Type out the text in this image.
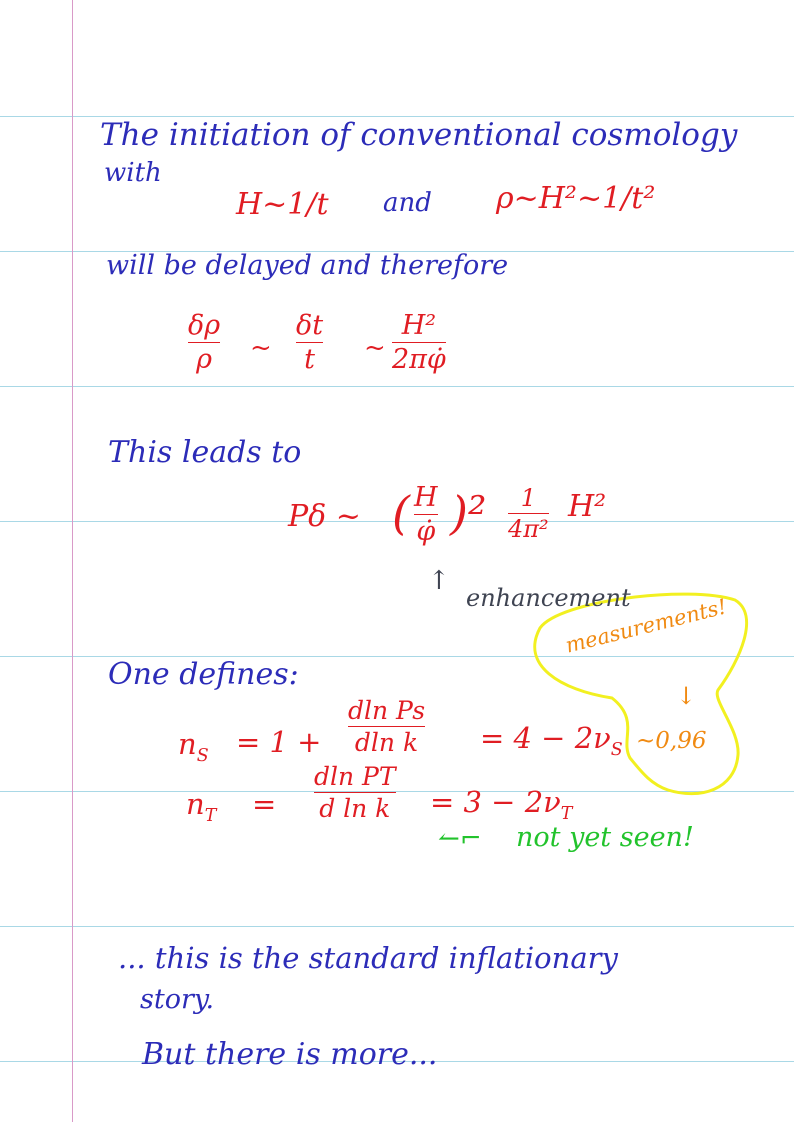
The initiation of conventional cosmology
with
H~1/t and ρ~H²~1/t²
will be delayed and therefore
δρ
ρ ~
δt
t ~
H²
2πφ̇
This leads to
Pδ ~ ( H
φ̇ )² 1
4π²
H²
↑
enhancement
measurements!
↓
~0,96
One defines:
$n_S = 1$ +
dln Ps
dln $k = 4 - 2\nu_S$
$n_T$ =
dln PT
d $\ln k = 3 - 2\nu_T$
↼⌐ not yet seen!
... this is the standard inflationary
story.
But there is more...
